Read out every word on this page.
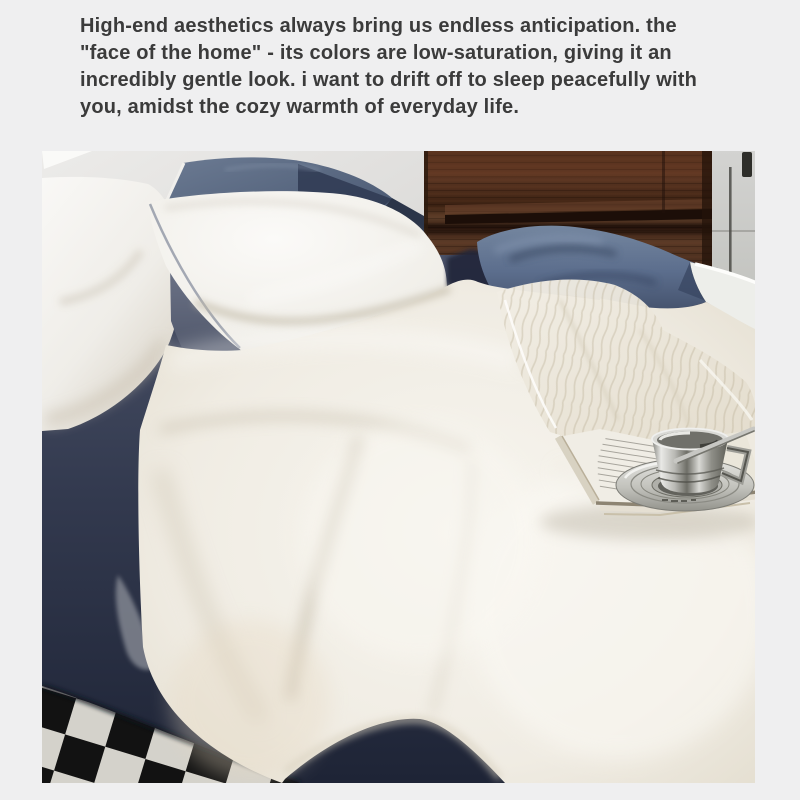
High-end aesthetics always bring us endless anticipation. the
"face of the home" - its colors are low-saturation, giving it an
incredibly gentle look. i want to drift off to sleep peacefully with
you, amidst the cozy warmth of everyday life.
